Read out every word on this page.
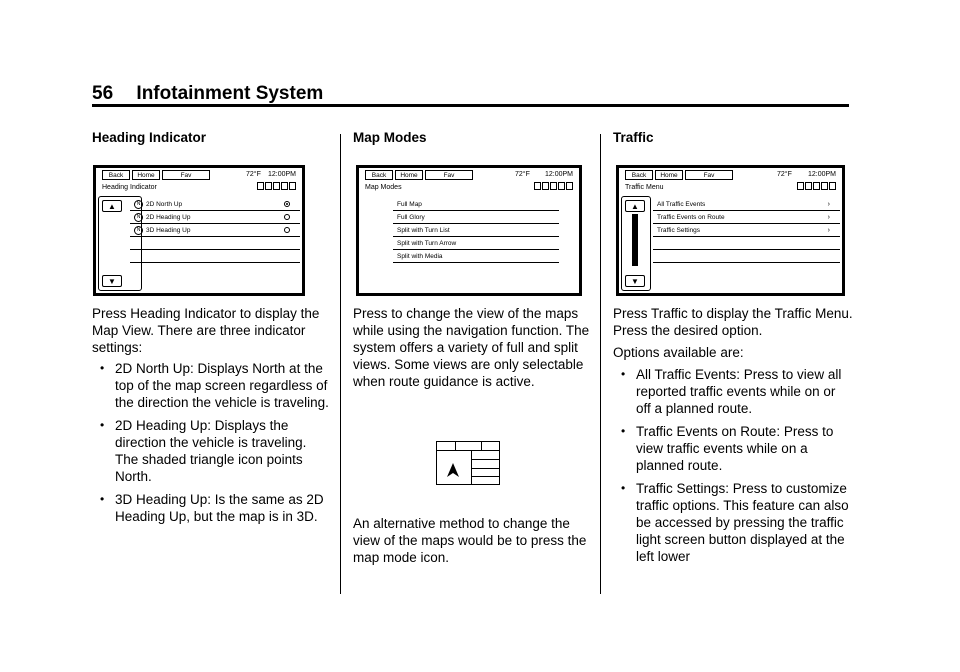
56 Infotainment System
Heading Indicator
Back	Home	Fav	72°F 12:00PM
Heading Indicator
▲
▼
N 2D North Up
N 2D Heading Up
N 3D Heading Up

Press Heading Indicator to display the Map View. There are three indicator settings:

• 2D North Up: Displays North at the top of the map screen regardless of the direction the vehicle is traveling.
• 2D Heading Up: Displays the direction the vehicle is traveling. The shaded triangle icon points North.
• 3D Heading Up: Is the same as 2D Heading Up, but the map is in 3D.
Map Modes
Back	Home	Fav	72°F 12:00PM
Map Modes
Full Map
Full Glory
Split with Turn List
Split with Turn Arrow
Split with Media

Press to change the view of the maps while using the navigation function. The system offers a variety of full and split views. Some views are only selectable when route guidance is active.

An alternative method to change the view of the maps would be to press the map mode icon.

Traffic
Back	Home	Fav	72°F 12:00PM
Traffic Menu
▲
▼
All Traffic Events	›
Traffic Events on Route	›
Traffic Settings	›

Press Traffic to display the Traffic Menu. Press the desired option.

Options available are:

• All Traffic Events: Press to view all reported traffic events while on or off a planned route.
• Traffic Events on Route: Press to view traffic events while on a planned route.
• Traffic Settings: Press to customize traffic options. This feature can also be accessed by pressing the traffic light screen button displayed at the left lower
